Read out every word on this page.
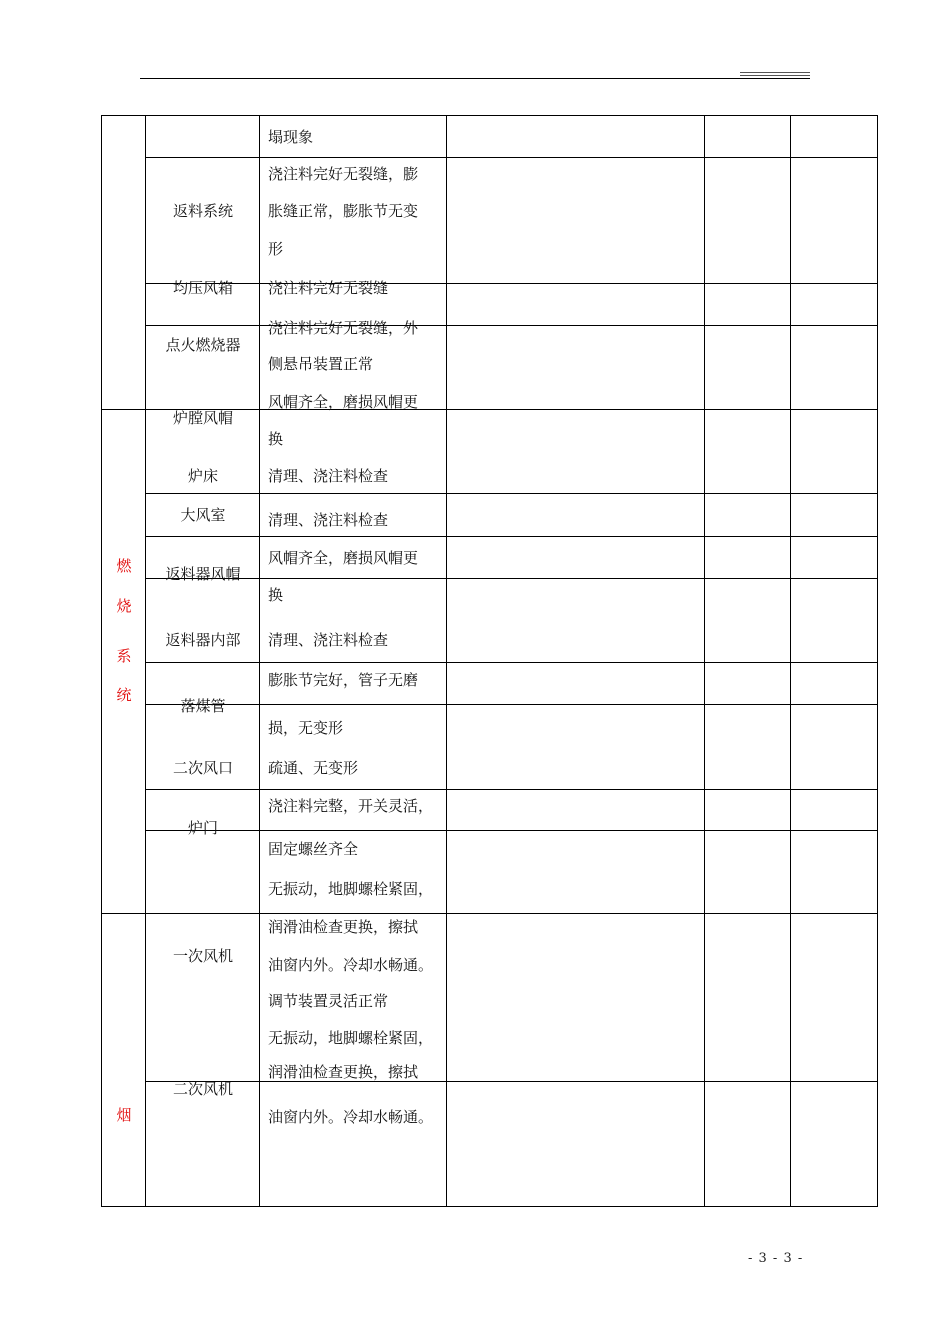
燃
烧
系
统
烟
返料系统
均压风箱
点火燃烧器
炉膛风帽
炉床
大风室
返料器风帽
返料器内部
落煤管
二次风口
炉门
一次风机
二次风机
塌现象
浇注料完好无裂缝，膨
胀缝正常，膨胀节无变
形
浇注料完好无裂缝
浇注料完好无裂缝，外
侧悬吊装置正常
风帽齐全，磨损风帽更
换
清理、浇注料检查
清理、浇注料检查
风帽齐全，磨损风帽更
换
清理、浇注料检查
膨胀节完好，管子无磨
损，无变形
疏通、无变形
浇注料完整，开关灵活，
固定螺丝齐全
无振动，地脚螺栓紧固，
润滑油检查更换，擦拭
油窗内外。冷却水畅通。
调节装置灵活正常
无振动，地脚螺栓紧固，
润滑油检查更换，擦拭
油窗内外。冷却水畅通。
- 3 - 3 -
